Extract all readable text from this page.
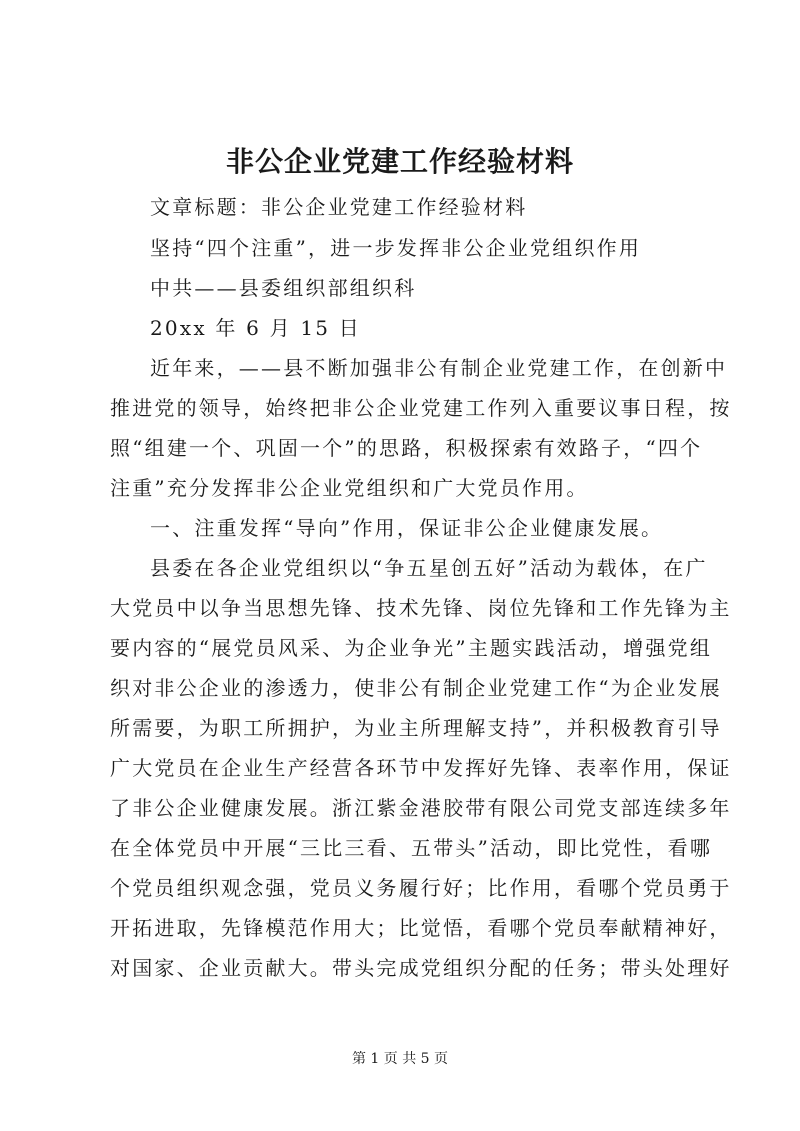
非公企业党建工作经验材料
文章标题：非公企业党建工作经验材料
坚持“四个注重”，进一步发挥非公企业党组织作用
中共——县委组织部组织科
20xx 年 6 月 15 日
近年来，——县不断加强非公有制企业党建工作，在创新中
推进党的领导，始终把非公企业党建工作列入重要议事日程，按
照“组建一个、巩固一个”的思路，积极探索有效路子，“四个
注重”充分发挥非公企业党组织和广大党员作用。
一、注重发挥“导向”作用，保证非公企业健康发展。
县委在各企业党组织以“争五星创五好”活动为载体，在广
大党员中以争当思想先锋、技术先锋、岗位先锋和工作先锋为主
要内容的“展党员风采、为企业争光”主题实践活动，增强党组
织对非公企业的渗透力，使非公有制企业党建工作“为企业发展
所需要，为职工所拥护，为业主所理解支持”，并积极教育引导
广大党员在企业生产经营各环节中发挥好先锋、表率作用，保证
了非公企业健康发展。浙江紫金港胶带有限公司党支部连续多年
在全体党员中开展“三比三看、五带头”活动，即比党性，看哪
个党员组织观念强，党员义务履行好；比作用，看哪个党员勇于
开拓进取，先锋模范作用大；比觉悟，看哪个党员奉献精神好，
对国家、企业贡献大。带头完成党组织分配的任务；带头处理好
第 1 页 共 5 页
